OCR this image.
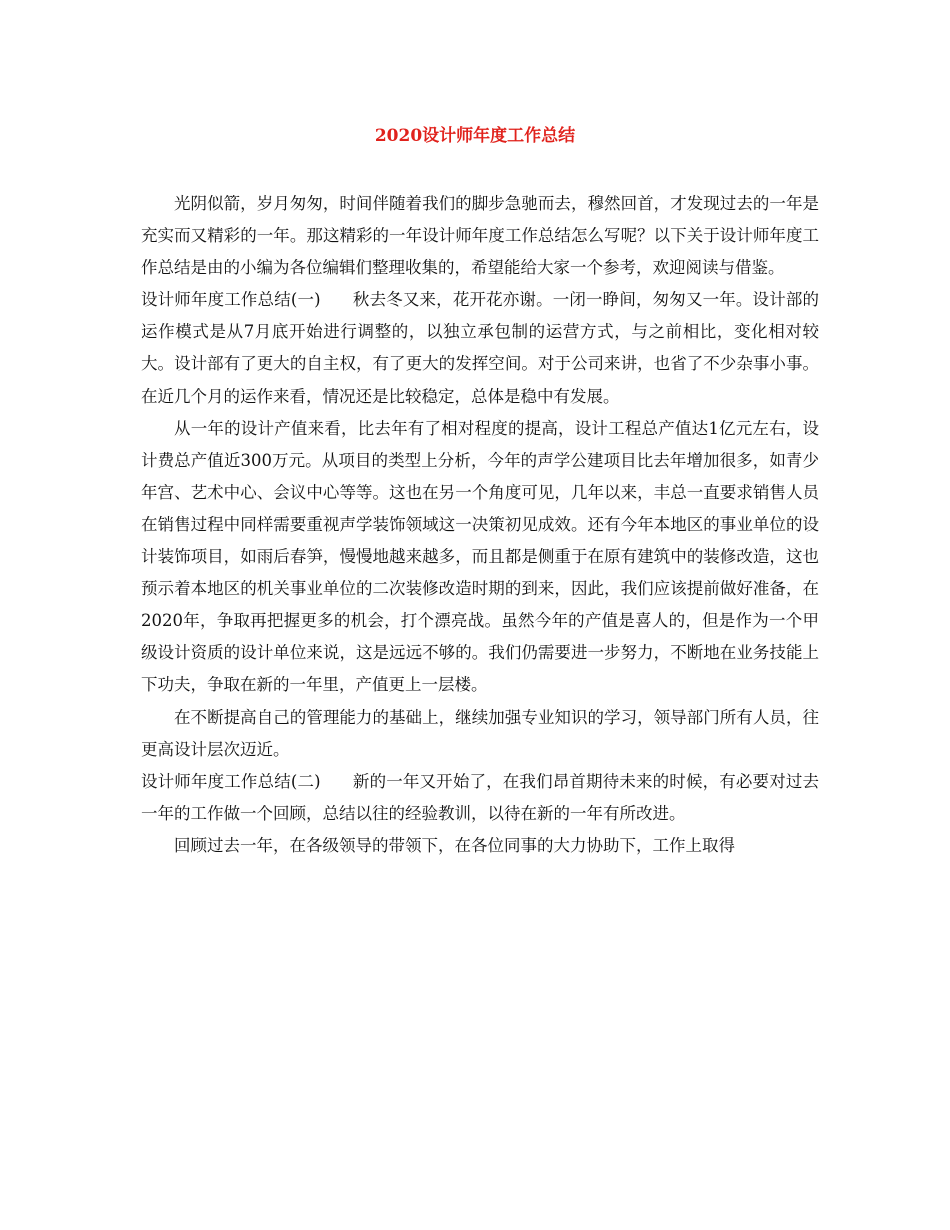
2020设计师年度工作总结

光阴似箭，岁月匆匆，时间伴随着我们的脚步急驰而去，穆然回首，才发现过去的一年是充实而又精彩的一年。那这精彩的一年设计师年度工作总结怎么写呢？以下关于设计师年度工作总结是由的小编为各位编辑们整理收集的，希望能给大家一个参考，欢迎阅读与借鉴。

设计师年度工作总结(一) 秋去冬又来，花开花亦谢。一闭一睁间，匆匆又一年。设计部的运作模式是从7月底开始进行调整的，以独立承包制的运营方式，与之前相比，变化相对较大。设计部有了更大的自主权，有了更大的发挥空间。对于公司来讲，也省了不少杂事小事。在近几个月的运作来看，情况还是比较稳定，总体是稳中有发展。

从一年的设计产值来看，比去年有了相对程度的提高，设计工程总产值达1亿元左右，设计费总产值近300万元。从项目的类型上分析，今年的声学公建项目比去年增加很多，如青少年宫、艺术中心、会议中心等等。这也在另一个角度可见，几年以来，丰总一直要求销售人员在销售过程中同样需要重视声学装饰领域这一决策初见成效。还有今年本地区的事业单位的设计装饰项目，如雨后春笋，慢慢地越来越多，而且都是侧重于在原有建筑中的装修改造，这也预示着本地区的机关事业单位的二次装修改造时期的到来，因此，我们应该提前做好准备，在2020年，争取再把握更多的机会，打个漂亮战。虽然今年的产值是喜人的，但是作为一个甲级设计资质的设计单位来说，这是远远不够的。我们仍需要进一步努力，不断地在业务技能上下功夫，争取在新的一年里，产值更上一层楼。

在不断提高自己的管理能力的基础上，继续加强专业知识的学习，领导部门所有人员，往更高设计层次迈近。

设计师年度工作总结(二) 新的一年又开始了，在我们昂首期待未来的时候，有必要对过去一年的工作做一个回顾，总结以往的经验教训，以待在新的一年有所改进。

回顾过去一年，在各级领导的带领下，在各位同事的大力协助下，工作上取得
